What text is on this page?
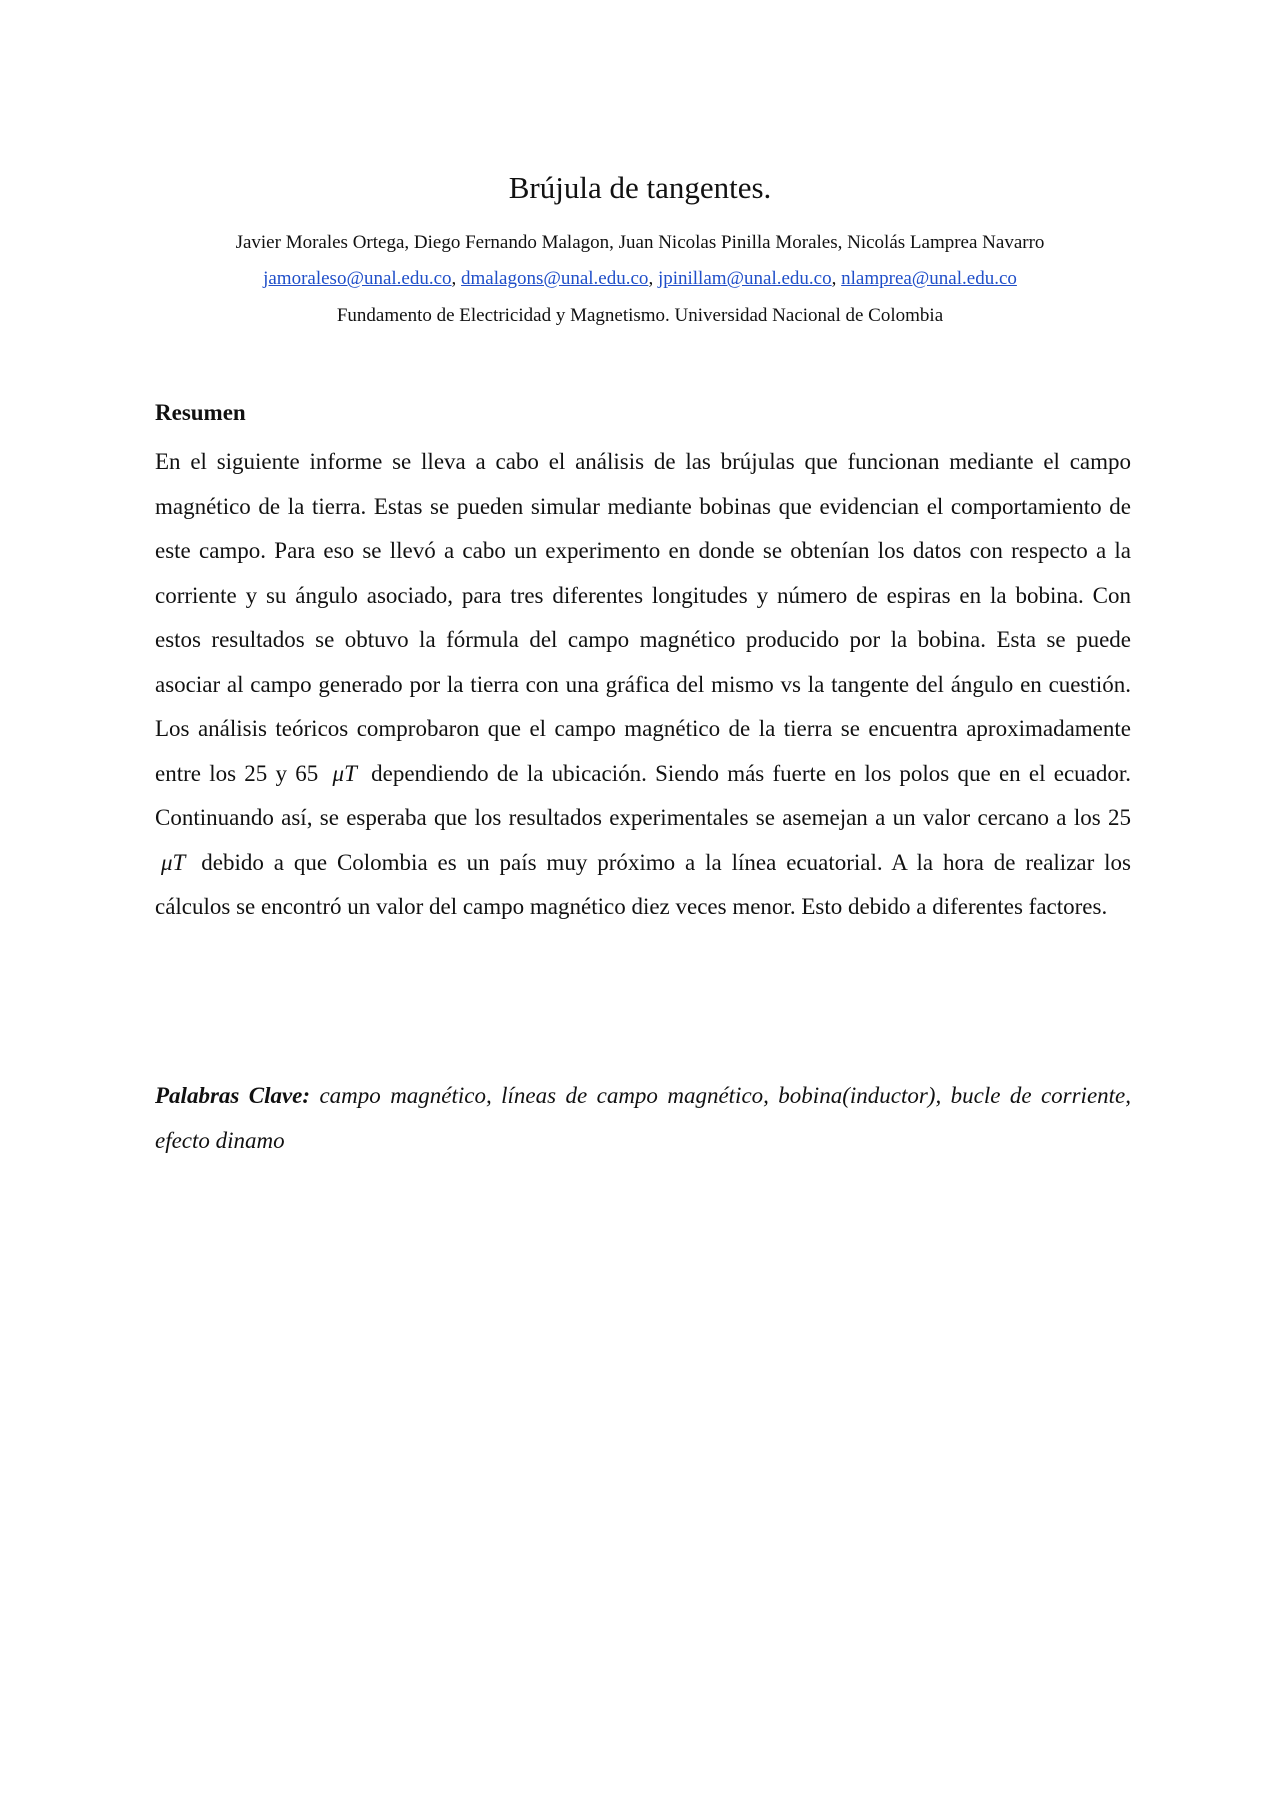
Brújula de tangentes.
Javier Morales Ortega, Diego Fernando Malagon, Juan Nicolas Pinilla Morales, Nicolás Lamprea Navarro
jamoraleso@unal.edu.co, dmalagons@unal.edu.co, jpinillam@unal.edu.co, nlamprea@unal.edu.co
Fundamento de Electricidad y Magnetismo. Universidad Nacional de Colombia
Resumen

En el siguiente informe se lleva a cabo el análisis de las brújulas que funcionan mediante el campo magnético de la tierra. Estas se pueden simular mediante bobinas que evidencian el comportamiento de este campo. Para eso se llevó a cabo un experimento en donde se obtenían los datos con respecto a la corriente y su ángulo asociado, para tres diferentes longitudes y número de espiras en la bobina. Con estos resultados se obtuvo la fórmula del campo magnético producido por la bobina. Esta se puede asociar al campo generado por la tierra con una gráfica del mismo vs la tangente del ángulo en cuestión. Los análisis teóricos comprobaron que el campo magnético de la tierra se encuentra aproximadamente entre los 25 y 65 μT dependiendo de la ubicación. Siendo más fuerte en los polos que en el ecuador. Continuando así, se esperaba que los resultados experimentales se asemejan a un valor cercano a los 25 μT debido a que Colombia es un país muy próximo a la línea ecuatorial. A la hora de realizar los cálculos se encontró un valor del campo magnético diez veces menor. Esto debido a diferentes factores.

Palabras Clave: campo magnético, líneas de campo magnético, bobina(inductor), bucle de corriente, efecto dinamo
